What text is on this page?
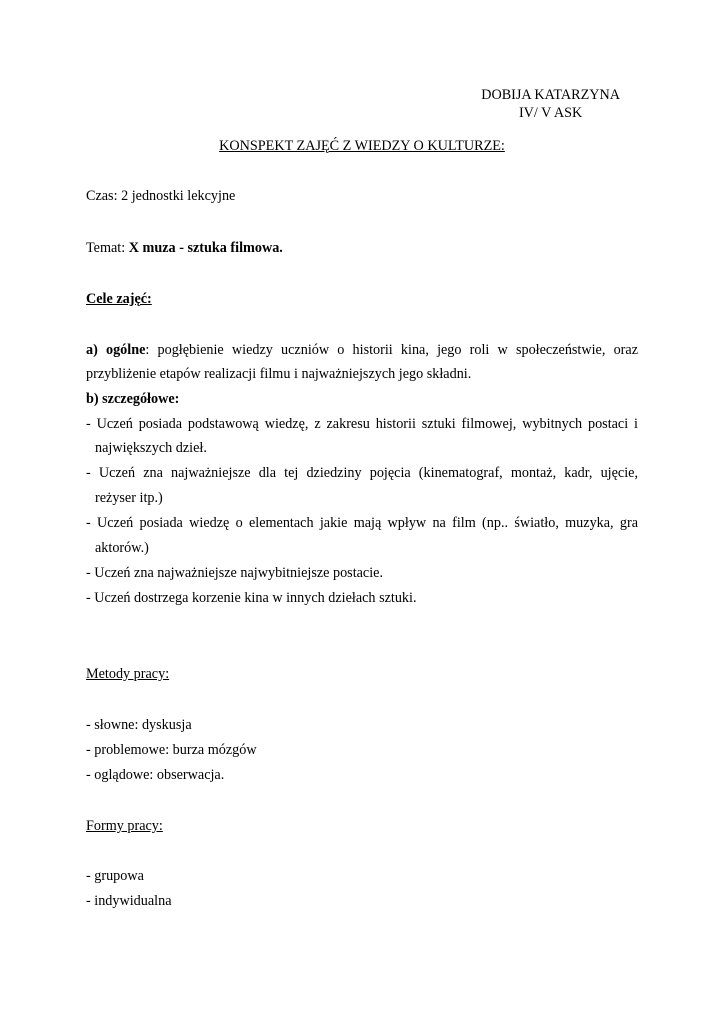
DOBIJA KATARZYNA
IV/ V ASK
KONSPEKT ZAJĘĆ Z WIEDZY O KULTURZE:
Czas: 2 jednostki lekcyjne
Temat: X muza - sztuka filmowa.
Cele zajęć:
a) ogólne: pogłębienie wiedzy uczniów o historii kina, jego roli w społeczeństwie, oraz
przybliżenie etapów realizacji filmu i najważniejszych jego składni.
b) szczegółowe:
- Uczeń posiada podstawową wiedzę, z zakresu historii sztuki filmowej, wybitnych postaci i
największych dzieł.
- Uczeń zna najważniejsze dla tej dziedziny pojęcia (kinematograf, montaż, kadr, ujęcie,
reżyser itp.)
- Uczeń posiada wiedzę o elementach jakie mają wpływ na film (np.. światło, muzyka, gra
aktorów.)
- Uczeń zna najważniejsze najwybitniejsze postacie.
- Uczeń dostrzega korzenie kina w innych dziełach sztuki.
Metody pracy:
- słowne: dyskusja
- problemowe: burza mózgów
- oglądowe: obserwacja.
Formy pracy:
- grupowa
- indywidualna
